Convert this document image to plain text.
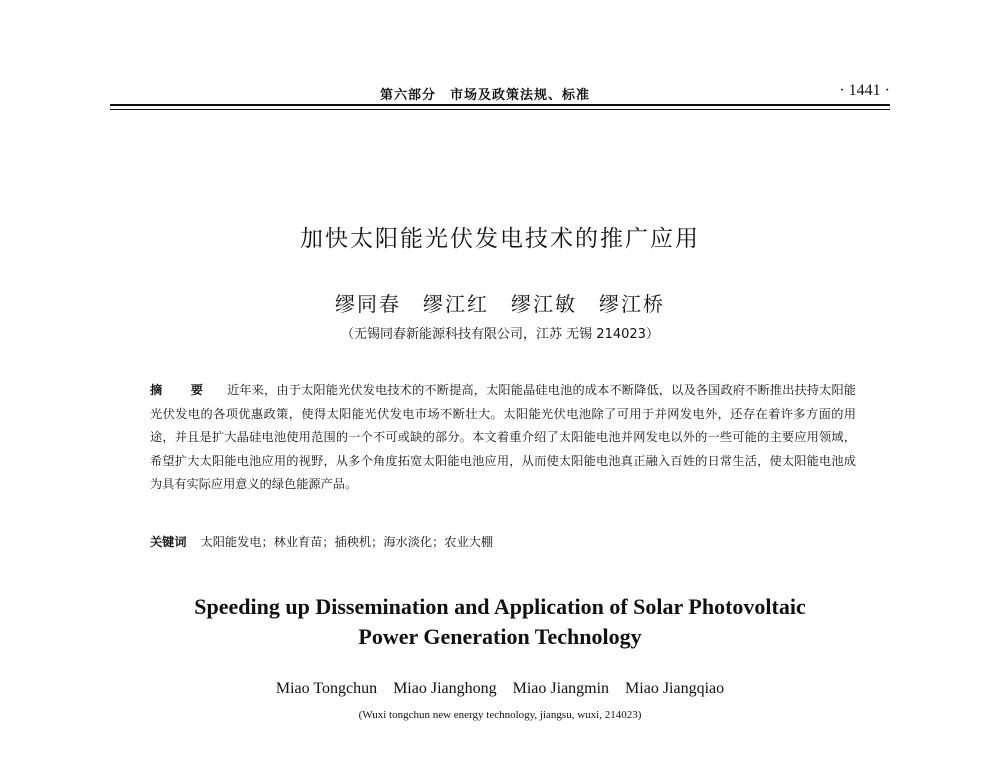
第六部分　市场及政策法规、标准	· 1441 ·
加快太阳能光伏发电技术的推广应用
缪同春　缪江红　缪江敏　缪江桥
（无锡同春新能源科技有限公司，江苏 无锡 214023）
摘 要 近年来，由于太阳能光伏发电技术的不断提高，太阳能晶硅电池的成本不断降低，以及各国政府不断推出扶持太阳能光伏发电的各项优惠政策，使得太阳能光伏发电市场不断壮大。太阳能光伏电池除了可用于并网发电外，还存在着许多方面的用途，并且是扩大晶硅电池使用范围的一个不可或缺的部分。本文着重介绍了太阳能电池并网发电以外的一些可能的主要应用领域，希望扩大太阳能电池应用的视野，从多个角度拓宽太阳能电池应用，从而使太阳能电池真正融入百姓的日常生活，使太阳能电池成为具有实际应用意义的绿色能源产品。
关键词 太阳能发电；林业育苗；插秧机；海水淡化；农业大棚
Speeding up Dissemination and Application of Solar Photovoltaic
Power Generation Technology
Miao Tongchun　Miao Jianghong　Miao Jiangmin　Miao Jiangqiao
(Wuxi tongchun new energy technology, jiangsu, wuxi, 214023)
